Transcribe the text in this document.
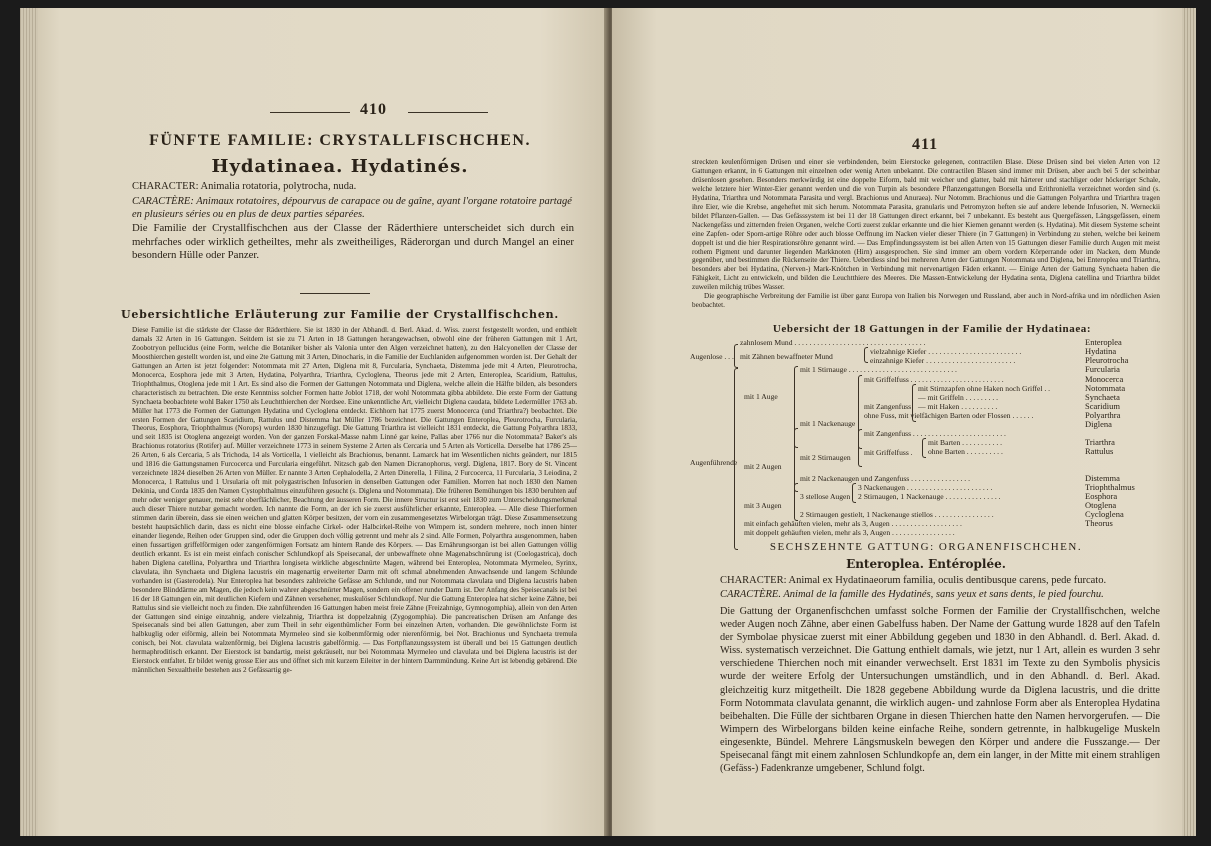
410
FÜNFTE FAMILIE: CRYSTALLFISCHCHEN.
Hydatinaea. Hydatinés.
CHARACTER: Animalia rotatoria, polytrocha, nuda.
CARACTÈRE: Animaux rotatoires, dépourvus de carapace ou de gaîne, ayant l'organe rotatoire partagé en plusieurs séries ou en plus de deux parties séparées.
Die Familie der Crystallfischchen aus der Classe der Räderthiere unterscheidet sich durch ein mehrfaches oder wirklich getheiltes, mehr als zweitheiliges, Räderorgan und durch Mangel an einer besondern Hülle oder Panzer.
Uebersichtliche Erläuterung zur Familie der Crystallfischchen.
Diese Familie ist die stärkste der Classe der Räderthiere. Sie ist 1830 in der Abhandl. d. Berl. Akad. d. Wiss. zuerst festgestellt worden, und enthielt damals 32 Arten in 16 Gattungen. Seitdem ist sie zu 71 Arten in 18 Gattungen herangewachsen, obwohl eine der früheren Gattungen mit 1 Art, Zoobotryon pellucidus (eine Form, welche die Botaniker bisher als Valonia unter den Algen verzeichnet hatten), zu den Halcyonellen der Classe der Moosthierchen gestellt worden ist, und eine 2te Gattung mit 3 Arten, Dinocharis, in die Familie der Euchlaniden aufgenommen worden ist. Der Gehalt der Gattungen an Arten ist jetzt folgender: Notommata mit 27 Arten, Diglena mit 8, Furcularia, Synchaeta, Distemma jede mit 4 Arten, Pleurotrocha, Monocerca, Eosphora jede mit 3 Arten, Hydatina, Polyarthra, Triarthra, Cycloglena, Theorus jede mit 2 Arten, Enteroplea, Scaridium, Rattulus, Triophthalmus, Otoglena jede mit 1 Art. Es sind also die Formen der Gattungen Notommata und Diglena, welche allein die Hälfte bilden, als besonders characteristisch zu betrachten. Die erste Kenntniss solcher Formen hatte Joblot 1718, der wohl Notommata gibba abbildete. Die erste Form der Gattung Synchaeta beobachtete wohl Baker 1750 als Leuchtthierchen der Nordsee. Eine unkenntliche Art, vielleicht Diglena caudata, bildete Ledermüller 1763 ab. Müller hat 1773 die Formen der Gattungen Hydatina und Cycloglena entdeckt. Eichhorn hat 1775 zuerst Monocerca (und Triarthra?) beobachtet. Die ersten Formen der Gattungen Scaridium, Rattulus und Distemma hat Müller 1786 bezeichnet. Die Gattungen Enteroplea, Pleurotrocha, Furcularia, Theorus, Eosphora, Triophthalmus (Norops) wurden 1830 hinzugefügt. Die Gattung Triarthra ist vielleicht 1831 entdeckt, die Gattung Polyarthra 1833, und seit 1835 ist Otoglena angezeigt worden. Von der ganzen Forskal-Masse nahm Linné gar keine, Pallas aber 1766 nur die Notommata? Baker's als Brachionus rotatorius (Rotifer) auf. Müller verzeichnete 1773 in seinem Systeme 2 Arten als Cercaria und 5 Arten als Vorticella. Derselbe hat 1786 25—26 Arten, 6 als Cercaria, 5 als Trichoda, 14 als Vorticella, 1 vielleicht als Brachionus, benannt. Lamarck hat im Wesentlichen nichts geändert, nur 1815 und 1816 die Gattungsnamen Furcocerca und Furcularia eingeführt. Nitzsch gab den Namen Dicranophorus, vergl. Diglena, 1817. Bory de St. Vincent verzeichnete 1824 dieselben 26 Arten von Müller. Er nannte 3 Arten Cephalodella, 2 Arten Dinerella, 1 Filina, 2 Furcocerca, 11 Furcularia, 3 Leiodina, 2 Monocerca, 1 Rattulus und 1 Ursularia oft mit polygastrischen Infusorien in denselben Gattungen oder Familien. Morren hat noch 1830 den Namen Dekinia, und Corda 1835 den Namen Cystophthalmus einzuführen gesucht (s. Diglena und Notommata). Die früheren Bemühungen bis 1830 beruhten auf mehr oder weniger genauer, meist sehr oberflächlicher, Beachtung der äusseren Form. Die innere Structur ist erst seit 1830 zum Unterscheidungsmerkmal auch dieser Thiere nutzbar gemacht worden. Ich nannte die Form, an der ich sie zuerst ausführlicher erkannte, Enteroplea. — Alle diese Thierformen stimmen darin überein, dass sie einen weichen und glatten Körper besitzen, der vorn ein zusammengesetztes Wirbelorgan trägt. Diese Zusammensetzung besteht hauptsächlich darin, dass es nicht eine blosse einfache Cirkel- oder Halbcirkel-Reihe von Wimpern ist, sondern mehrere, noch innen hinter einander liegende, Reihen oder Gruppen sind, oder die Gruppen doch völlig getrennt und mehr als 2 sind. Alle Formen, Polyarthra ausgenommen, haben einen fussartigen griffelförmigen oder zangenförmigen Fortsatz am hintern Rande des Körpers. — Das Ernährungsorgan ist bei allen Gattungen völlig deutlich erkannt. Es ist ein meist einfach conischer Schlundkopf als Speisecanal, der unbewaffnete ohne Magenabschnürung ist (Coelogastrica), doch haben Diglena catellina, Polyarthra und Triarthra longiseta wirkliche abgeschnürte Magen, während bei Enteroplea, Notommata Myrmeleo, Syrinx, clavulata, ihn Synchaeta und Diglena lacustris ein magenartig erweiterter Darm mit oft schmal abnehmenden Anwachsende und langem Schlunde vorhanden ist (Gasterodela). Nur Enteroplea hat besonders zahlreiche Gefässe am Schlunde, und nur Notommata clavulata und Diglena lacustris haben besondere Blinddärme am Magen, die jedoch kein wahrer abgeschnürter Magen, sondern ein offener runder Darm ist. Der Anfang des Speisecanals ist bei 16 der 18 Gattungen ein, mit deutlichen Kiefern und Zähnen versehener, muskulöser Schlundkopf. Nur die Gattung Enteroplea hat sicher keine Zähne, bei Rattulus sind sie vielleicht noch zu finden. Die zahnführenden 16 Gattungen haben meist freie Zähne (Freizahnige, Gymnogomphia), allein von den Arten der Gattungen sind einige einzahnig, andere vielzahnig, Triarthra ist doppelzahnig (Zygogomphia). Die pancreatischen Drüsen am Anfange des Speisecanals sind bei allen Gattungen, aber zum Theil in sehr eigenthümlicher Form bei einzelnen Arten, vorhanden. Die gewöhnlichste Form ist halbkuglig oder eiförmig, allein bei Notommata Myrmeleo sind sie kolbenmförmig oder nierenförmig, bei Not. Brachionus und Synchaeta tremula conisch, bei Not. clavulata walzenförmig, bei Diglena lacustris gabelförmig. — Das Fortpflanzungssystem ist überall und bei 15 Gattungen deutlich hermaphroditisch erkannt. Der Eierstock ist bandartig, meist gekräuselt, nur bei Notommata Myrmeleo und clavulata und bei Diglena lacustris ist der Eierstock entfaltet. Er bildet wenig grosse Eier aus und öffnet sich mit kurzem Eileiter in der hintern Darmmündung. Keine Art ist lebendig gebärend. Die männlichen Sexualtheile bestehen aus 2 Gefässartig ge-
411
streckten keulenförmigen Drüsen und einer sie verbindenden, beim Eierstocke gelegenen, contractilen Blase. Diese Drüsen sind bei vielen Arten von 12 Gattungen erkannt, in 6 Gattungen mit einzelnen oder wenig Arten unbekannt. Die contractilen Blasen sind immer mit Drüsen, aber auch bei 5 der scheinbar drüsenlosen gesehen. Besonders merkwürdig ist eine doppelte Eiform, bald mit weicher und glatter, bald mit härterer und stachliger oder höckeriger Schale, welche letztere hier Winter-Eier genannt werden und die von Turpin als besondere Pflanzengattungen Borsella und Erithroniella verzeichnet worden sind (s. Hydatina, Triarthra und Notommata Parasita und vergl. Brachionus und Anuraea). Nur Notomm. Brachionus und die Gattungen Polyarthra und Triarthra tragen ihre Eier, wie die Krebse, angeheftet mit sich herum. Notommata Parasita, granularis und Petromyzon heften sie auf andere lebende Infusorien, N. Werneckii bildet Pflanzen-Gallen. — Das Gefässsystem ist bei 11 der 18 Gattungen direct erkannt, bei 7 unbekannt. Es besteht aus Quergefässen, Längsgefässen, einem Nackengefäss und zitternden freien Organen, welche Corti zuerst zuklar erkannte und die hier Kiemen genannt werden (s. Hydatina). Mit diesem Systeme scheint eine Zapfen- oder Sporn-artige Röhre oder auch blosse Oeffnung im Nacken vieler dieser Thiere (in 7 Gattungen) in Verbindung zu stehen, welche bei keinem doppelt ist und die hier Respirationsröhre genannt wird. — Das Empfindungssystem ist bei allen Arten von 15 Gattungen dieser Familie durch Augen mit meist rothem Pigment und darunter liegenden Markknoten (Hirn) ausgesprochen. Sie sind immer am obern vordern Körperrande oder im Nacken, dem Munde gegenüber, und bestimmen die Rückenseite der Thiere. Ueberdiess sind bei mehreren Arten der Gattungen Notommata und Diglena, bei Enteroplea und Triarthra, besonders aber bei Hydatina, (Nerven-) Mark-Knötchen in Verbindung mit nervenartigen Fäden erkannt. — Einige Arten der Gattung Synchaeta haben die Fähigkeit, Licht zu entwickeln, und bilden die Leuchtthiere des Meeres. Die Massen-Entwickelung der Hydatina senta, Diglena catellina und Triarthra bildet zuweilen milchig trübes Wasser.
Die geographische Verbreitung der Familie ist über ganz Europa von Italien bis Norwegen und Russland, aber auch in Nord-afrika und im nördlichen Asien beobachtet.
Uebersicht der 18 Gattungen in der Familie der Hydatinaea:
Augenlose . . .
zahnlosem Mund . . . . . . . . . . . . . . . . . . . . . . . . . . . . . . . . . . .
mit Zähnen bewaffneter Mund
vielzahnige Kiefer . . . . . . . . . . . . . . . . . . . . . . . . .
einzahnige Kiefer . . . . . . . . . . . . . . . . . . . . . . . .
Augenführende
mit 1 Auge
mit 1 Stirnauge . . . . . . . . . . . . . . . . . . . . . . . . . . . . .
mit 1 Nackenauge
mit Griffelfuss . . . . . . . . . . . . . . . . . . . . . . . . .
mit Zangenfuss
mit Stirnzapfen ohne Haken noch Griffel . .
— mit Griffeln . . . . . . . . .
— mit Haken . . . . . . . . . .
ohne Fuss, mit vielfächigen Barten oder Flossen . . . . . .
mit 2 Augen
mit 2 Stirnaugen
mit Zangenfuss . . . . . . . . . . . . . . . . . . . . . . . . .
mit Griffelfuss .
mit Barten . . . . . . . . . . .
ohne Barten . . . . . . . . . .
mit 2 Nackenaugen und Zangenfuss . . . . . . . . . . . . . . . .
mit 3 Augen
3 stellose Augen
3 Nackenaugen . . . . . . . . . . . . . . . . . . . . . . .
2 Stirnaugen, 1 Nackenauge . . . . . . . . . . . . . . .
2 Stirnaugen gestielt, 1 Nackenauge stiellos . . . . . . . . . . . . . . . .
mit einfach gehäuften vielen, mehr als 3, Augen . . . . . . . . . . . . . . . . . . .
mit doppelt gehäuften vielen, mehr als 3, Augen . . . . . . . . . . . . . . . . .
Enteroplea
Hydatina
Pleurotrocha
Furcularia
Monocerca
Notommata
Synchaeta
Scaridium
Polyarthra
Diglena
Triarthra
Rattulus
Distemma
Triophthalmus
Eosphora
Otoglena
Cycloglena
Theorus
SECHSZEHNTE GATTUNG: ORGANENFISCHCHEN.
Enteroplea. Entéroplée.
CHARACTER: Animal ex Hydatinaeorum familia, oculis dentibusque carens, pede furcato.
CARACTÈRE. Animal de la famille des Hydatinés, sans yeux et sans dents, le pied fourchu.
Die Gattung der Organenfischchen umfasst solche Formen der Familie der Crystallfischchen, welche weder Augen noch Zähne, aber einen Gabelfuss haben. Der Name der Gattung wurde 1828 auf den Tafeln der Symbolae physicae zuerst mit einer Abbildung gegeben und 1830 in den Abhandl. d. Berl. Akad. d. Wiss. systematisch verzeichnet. Die Gattung enthielt damals, wie jetzt, nur 1 Art, allein es wurden 3 sehr verschiedene Thierchen noch mit einander verwechselt. Erst 1831 im Texte zu den Symbolis physicis wurde der weitere Erfolg der Untersuchungen umständlich, und in den Abhandl. d. Berl. Akad. gleichzeitig kurz mitgetheilt. Die 1828 gegebene Abbildung wurde da Diglena lacustris, und die dritte Form Notommata clavulata genannt, die wirklich augen- und zahnlose Form aber als Enteroplea Hydatina beibehalten. Die Fülle der sichtbaren Organe in diesen Thierchen hatte den Namen hervorgerufen. — Die Wimpern des Wirbelorgans bilden keine einfache Reihe, sondern getrennte, in halbkugelige Muskeln eingesenkte, Bündel. Mehrere Längsmuskeln bewegen den Körper und andere die Fusszange.— Der Speisecanal fängt mit einem zahnlosen Schlundkopfe an, dem ein langer, in der Mitte mit einem strahligen (Gefäss-) Fadenkranze umgebener, Schlund folgt.
